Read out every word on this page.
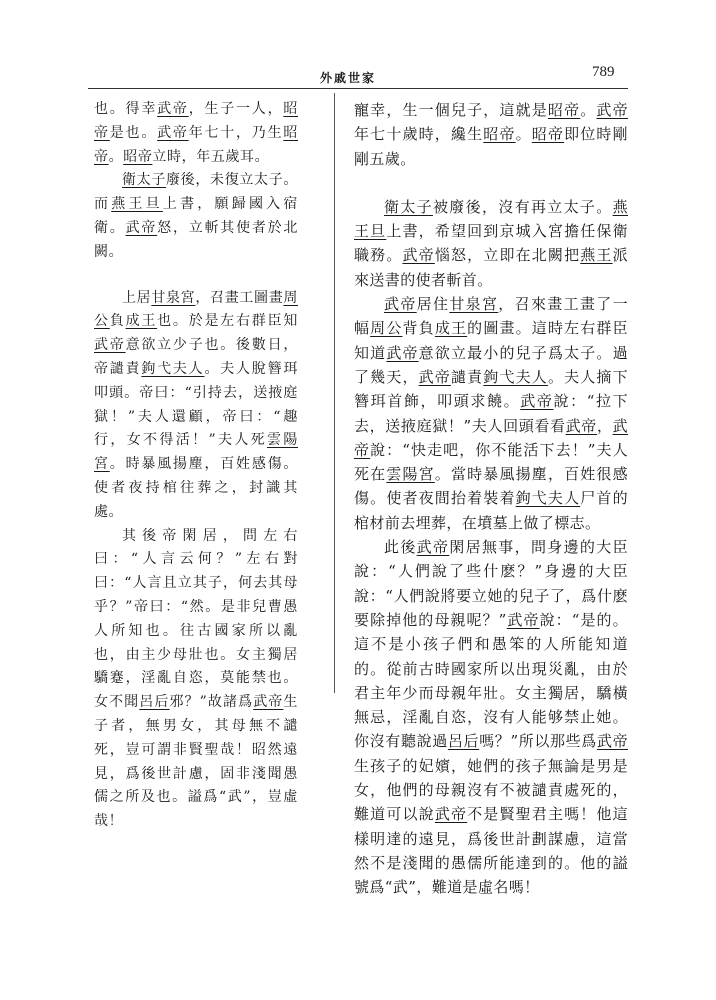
外戚世家	789

也。得幸武帝，生子一人，昭帝是也。武帝年七十，乃生昭帝。昭帝立時，年五歲耳。

衛太子廢後，未復立太子。而燕王旦上書，願歸國入宿衛。武帝怒，立斬其使者於北闕。

上居甘泉宮，召畫工圖畫周公負成王也。於是左右群臣知武帝意欲立少子也。後數日，帝譴責鉤弋夫人。夫人脫簪珥叩頭。帝曰：“引持去，送掖庭獄！”夫人還顧，帝曰：“趣行，女不得活！”夫人死雲陽宮。時暴風揚塵，百姓感傷。使者夜持棺往葬之，封識其處。

其後帝閑居，問左右曰：“人言云何？”左右對曰：“人言且立其子，何去其母乎？”帝曰：“然。是非兒曹愚人所知也。往古國家所以亂也，由主少母壯也。女主獨居驕蹇，淫亂自恣，莫能禁也。女不聞呂后邪？”故諸爲武帝生子者，無男女，其母無不譴死，豈可謂非賢聖哉！昭然遠見，爲後世計慮，固非淺聞愚儒之所及也。謚爲“武”，豈虛哉！

寵幸，生一個兒子，這就是昭帝。武帝年七十歲時，纔生昭帝。昭帝即位時剛剛五歲。

衛太子被廢後，沒有再立太子。燕王旦上書，希望回到京城入宮擔任保衛職務。武帝惱怒，立即在北闕把燕王派來送書的使者斬首。

武帝居住甘泉宮，召來畫工畫了一幅周公背負成王的圖畫。這時左右群臣知道武帝意欲立最小的兒子爲太子。過了幾天，武帝譴責鉤弋夫人。夫人摘下簪珥首飾，叩頭求饒。武帝說：“拉下去，送掖庭獄！”夫人回頭看看武帝，武帝說：“快走吧，你不能活下去！”夫人死在雲陽宮。當時暴風揚塵，百姓很感傷。使者夜間抬着裝着鉤弋夫人尸首的棺材前去埋葬，在墳墓上做了標志。

此後武帝閑居無事，問身邊的大臣說：“人們說了些什麽？”身邊的大臣說：“人們說將要立她的兒子了，爲什麽要除掉他的母親呢？”武帝說：“是的。這不是小孩子們和愚笨的人所能知道的。從前古時國家所以出現災亂，由於君主年少而母親年壯。女主獨居，驕橫無忌，淫亂自恣，沒有人能够禁止她。你沒有聽說過呂后嗎？”所以那些爲武帝生孩子的妃嬪，她們的孩子無論是男是女，他們的母親沒有不被譴責處死的，難道可以說武帝不是賢聖君主嗎！他這樣明達的遠見，爲後世計劃謀慮，這當然不是淺聞的愚儒所能達到的。他的謚號爲“武”，難道是虛名嗎！
